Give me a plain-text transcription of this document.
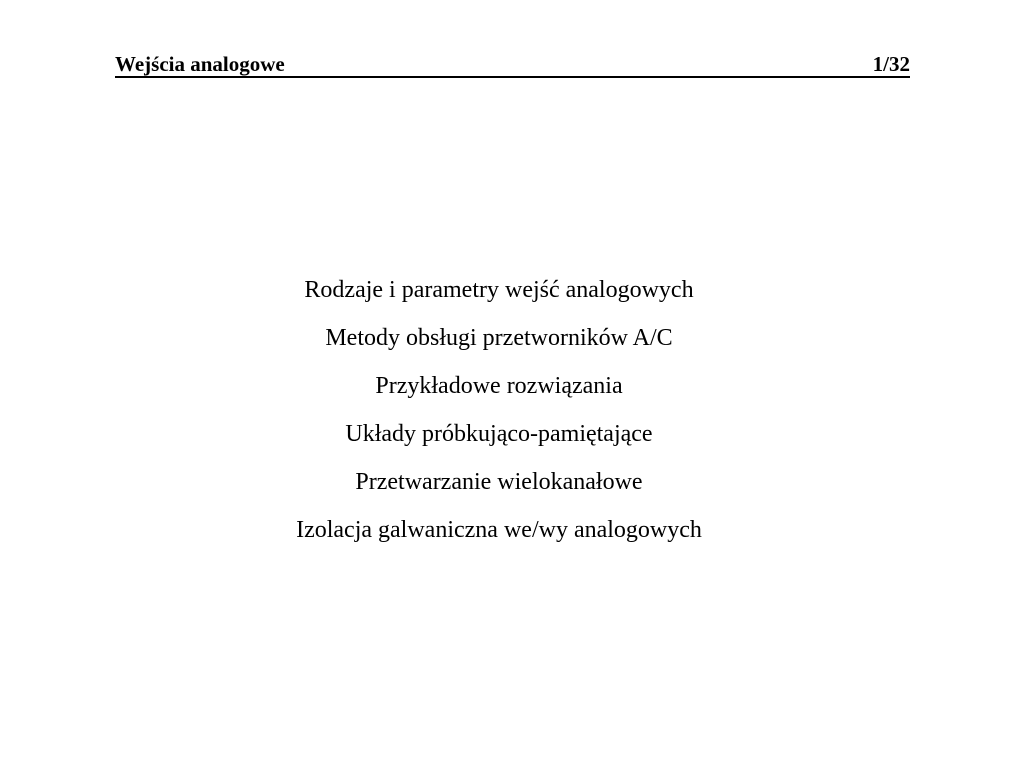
Wejścia analogowe	1/32
Rodzaje i parametry wejść analogowych
Metody obsługi przetworników A/C
Przykładowe rozwiązania
Układy próbkująco-pamiętające
Przetwarzanie wielokanałowe
Izolacja galwaniczna we/wy analogowych
